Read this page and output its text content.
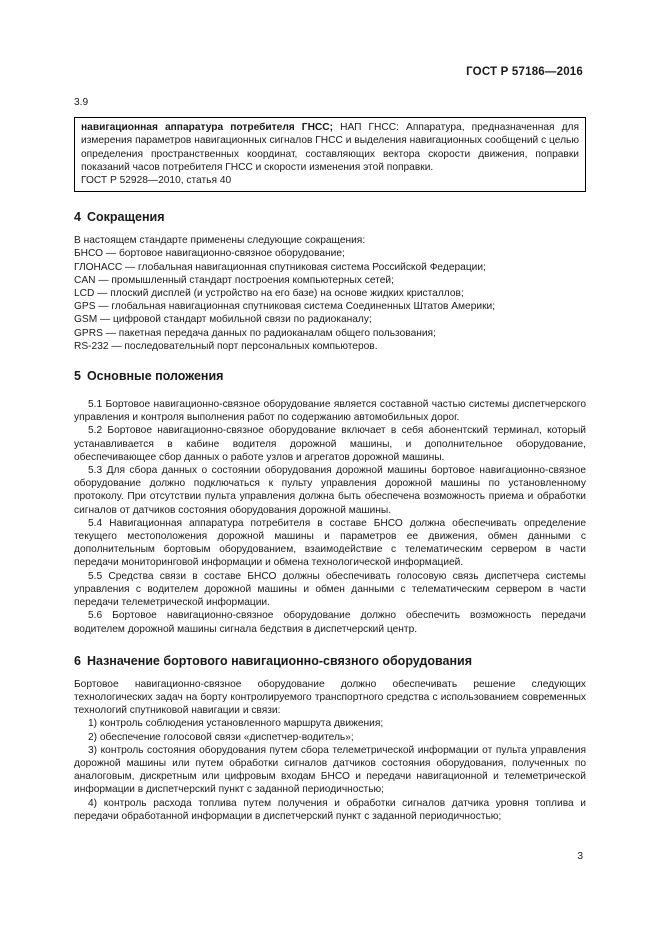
ГОСТ Р 57186—2016

3.9

навигационная аппаратура потребителя ГНСС; НАП ГНСС: Аппаратура, предназначенная для измерения параметров навигационных сигналов ГНСС и выделения навигационных сообщений с целью определения пространственных координат, составляющих вектора скорости движения, поправки показаний часов потребителя ГНСС и скорости изменения этой поправки.

ГОСТ Р 52928—2010, статья 40

4 Сокращения

В настоящем стандарте применены следующие сокращения:

БНСО — бортовое навигационно-связное оборудование;

ГЛОНАСС — глобальная навигационная спутниковая система Российской Федерации;

CAN — промышленный стандарт построения компьютерных сетей;

LCD — плоский дисплей (и устройство на его базе) на основе жидких кристаллов;

GPS — глобальная навигационная спутниковая система Соединенных Штатов Америки;

GSM — цифровой стандарт мобильной связи по радиоканалу;

GPRS — пакетная передача данных по радиоканалам общего пользования;

RS-232 — последовательный порт персональных компьютеров.

5 Основные положения

5.1 Бортовое навигационно-связное оборудование является составной частью системы диспетчерского управления и контроля выполнения работ по содержанию автомобильных дорог.

5.2 Бортовое навигационно-связное оборудование включает в себя абонентский терминал, который устанавливается в кабине водителя дорожной машины, и дополнительное оборудование, обеспечивающее сбор данных о работе узлов и агрегатов дорожной машины.

5.3 Для сбора данных о состоянии оборудования дорожной машины бортовое навигационно-связное оборудование должно подключаться к пульту управления дорожной машины по установленному протоколу. При отсутствии пульта управления должна быть обеспечена возможность приема и обработки сигналов от датчиков состояния оборудования дорожной машины.

5.4 Навигационная аппаратура потребителя в составе БНСО должна обеспечивать определение текущего местоположения дорожной машины и параметров ее движения, обмен данными с дополнительным бортовым оборудованием, взаимодействие с телематическим сервером в части передачи мониторинговой информации и обмена технологической информацией.

5.5 Средства связи в составе БНСО должны обеспечивать голосовую связь диспетчера системы управления с водителем дорожной машины и обмен данными с телематическим сервером в части передачи телеметрической информации.

5.6 Бортовое навигационно-связное оборудование должно обеспечить возможность передачи водителем дорожной машины сигнала бедствия в диспетчерский центр.

6 Назначение бортового навигационно-связного оборудования

Бортовое навигационно-связное оборудование должно обеспечивать решение следующих технологических задач на борту контролируемого транспортного средства с использованием современных технологий спутниковой навигации и связи:

1) контроль соблюдения установленного маршрута движения;

2) обеспечение голосовой связи «диспетчер-водитель»;

3) контроль состояния оборудования путем сбора телеметрической информации от пульта управления дорожной машины или путем обработки сигналов датчиков состояния оборудования, полученных по аналоговым, дискретным или цифровым входам БНСО и передачи навигационной и телеметрической информации в диспетчерский пункт с заданной периодичностью;

4) контроль расхода топлива путем получения и обработки сигналов датчика уровня топлива и передачи обработанной информации в диспетчерский пункт с заданной периодичностью;

3
